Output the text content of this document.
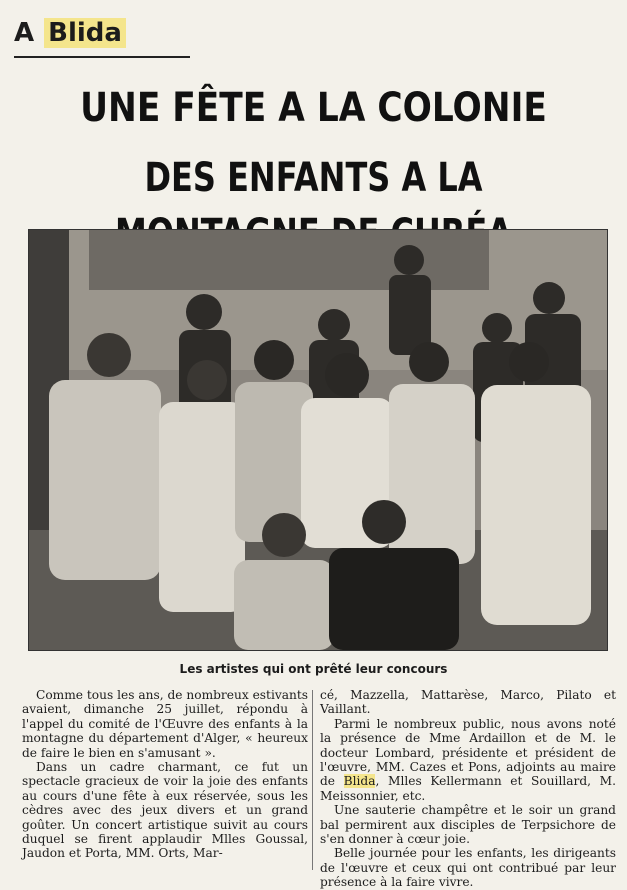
A Blida
UNE FÊTE A LA COLONIE
DES ENFANTS A LA
Les artistes qui ont prêté leur concours

Comme tous les ans, de nombreux estivants avaient, dimanche 25 juillet, répondu à l'appel du comité de l'Œuvre des enfants à la montagne du département d'Alger, « heureux de faire le bien en s'amusant ».

Dans un cadre charmant, ce fut un spectacle gracieux de voir la joie des enfants au cours d'une fête à eux réservée, sous les cèdres avec des jeux divers et un grand goûter. Un concert artistique suivit au cours duquel se firent applaudir Mlles Goussal, Jaudon et Porta, MM. Orts, Mar-

cé, Mazzella, Mattarèse, Marco, Pilato et Vaillant.

Parmi le nombreux public, nous avons noté la présence de Mme Ardaillon et de M. le docteur Lombard, présidente et président de l'œuvre, MM. Cazes et Pons, adjoints au maire de Blida, Mlles Kellermann et Souillard, M. Meissonnier, etc.

Une sauterie champêtre et le soir un grand bal permirent aux disciples de Terpsichore de s'en donner à cœur joie.

Belle journée pour les enfants, les dirigeants de l'œuvre et ceux qui ont contribué par leur présence à la faire vivre.
